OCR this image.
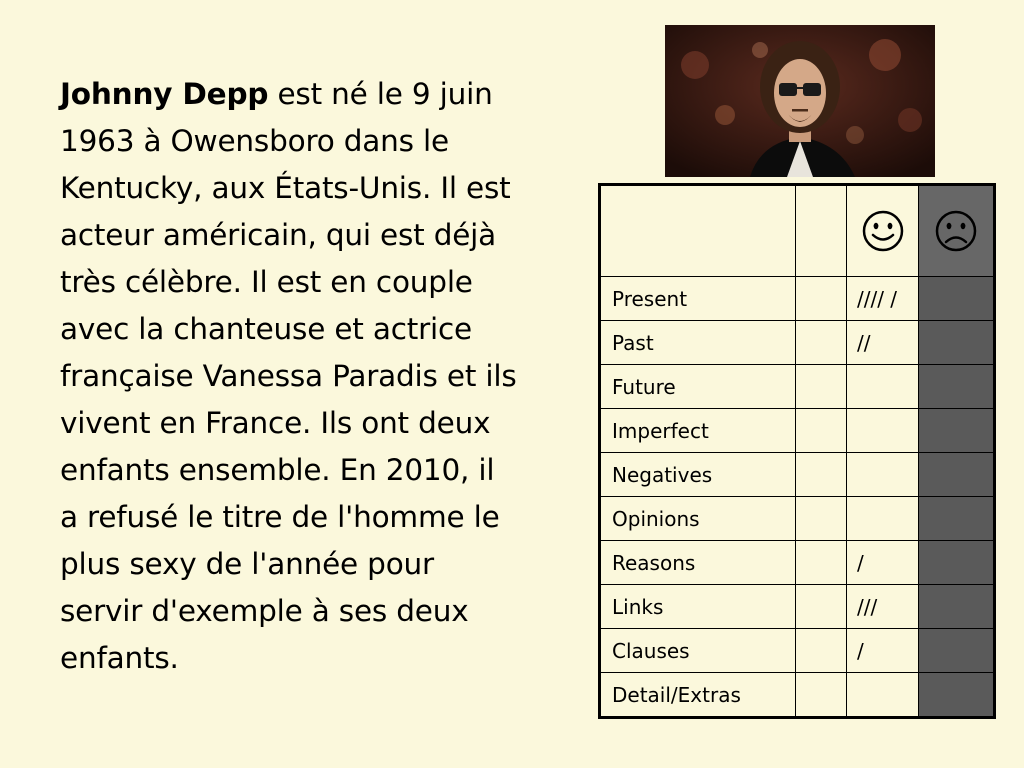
Johnny Depp est né le 9 juin
1963 à Owensboro dans le
Kentucky, aux États-Unis. Il est
acteur américain, qui est déjà
très célèbre. Il est en couple
avec la chanteuse et actrice
française Vanessa Paradis et ils
vivent en France. Ils ont deux
enfants ensemble. En 2010, il
a refusé le titre de l'homme le
plus sexy de l'année pour
servir d'exemple à ses deux
enfants.

Present		//// /	
Past		//	
Future			
Imperfect			
Negatives			
Opinions			
Reasons		/	
Links		///	
Clauses		/	
Detail/Extras			
